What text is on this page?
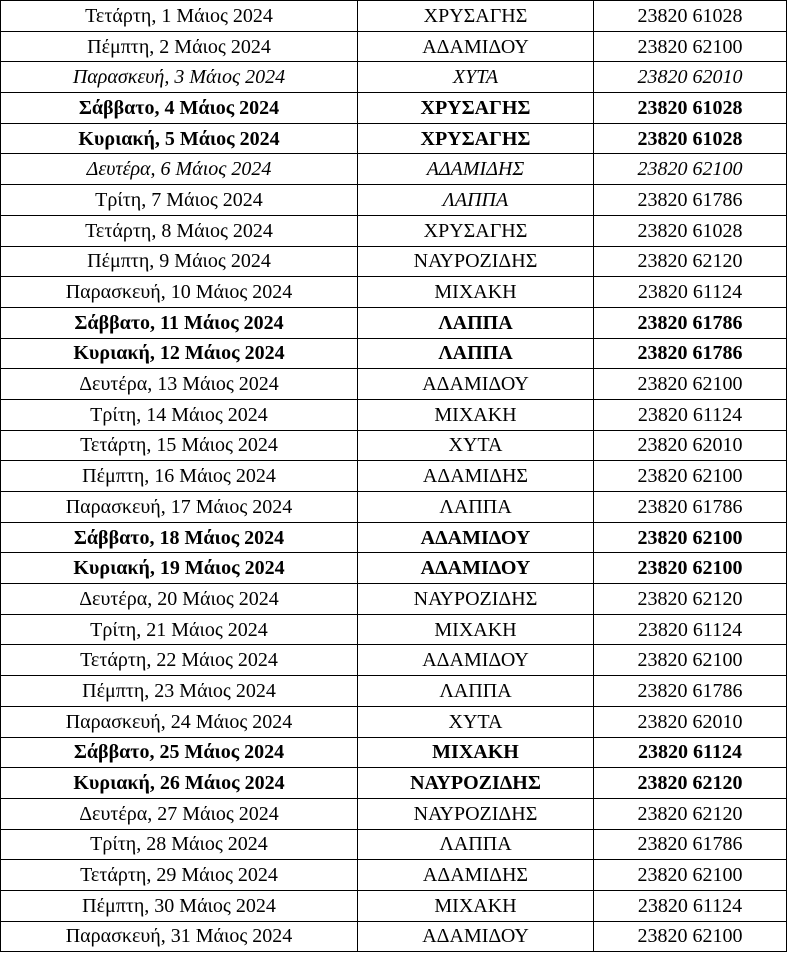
Τετάρτη, 1 Μάιος 2024	ΧΡΥΣΑΓΗΣ	23820 61028
Πέμπτη, 2 Μάιος 2024	ΑΔΑΜΙΔΟΥ	23820 62100
Παρασκευή, 3 Μάιος 2024	ΧΥΤΑ	23820 62010
Σάββατο, 4 Μάιος 2024	ΧΡΥΣΑΓΗΣ	23820 61028
Κυριακή, 5 Μάιος 2024	ΧΡΥΣΑΓΗΣ	23820 61028
Δευτέρα, 6 Μάιος 2024	ΑΔΑΜΙΔΗΣ	23820 62100
Τρίτη, 7 Μάιος 2024	ΛΑΠΠΑ	23820 61786
Τετάρτη, 8 Μάιος 2024	ΧΡΥΣΑΓΗΣ	23820 61028
Πέμπτη, 9 Μάιος 2024	ΝΑΥΡΟΖΙΔΗΣ	23820 62120
Παρασκευή, 10 Μάιος 2024	ΜΙΧΑΚΗ	23820 61124
Σάββατο, 11 Μάιος 2024	ΛΑΠΠΑ	23820 61786
Κυριακή, 12 Μάιος 2024	ΛΑΠΠΑ	23820 61786
Δευτέρα, 13 Μάιος 2024	ΑΔΑΜΙΔΟΥ	23820 62100
Τρίτη, 14 Μάιος 2024	ΜΙΧΑΚΗ	23820 61124
Τετάρτη, 15 Μάιος 2024	ΧΥΤΑ	23820 62010
Πέμπτη, 16 Μάιος 2024	ΑΔΑΜΙΔΗΣ	23820 62100
Παρασκευή, 17 Μάιος 2024	ΛΑΠΠΑ	23820 61786
Σάββατο, 18 Μάιος 2024	ΑΔΑΜΙΔΟΥ	23820 62100
Κυριακή, 19 Μάιος 2024	ΑΔΑΜΙΔΟΥ	23820 62100
Δευτέρα, 20 Μάιος 2024	ΝΑΥΡΟΖΙΔΗΣ	23820 62120
Τρίτη, 21 Μάιος 2024	ΜΙΧΑΚΗ	23820 61124
Τετάρτη, 22 Μάιος 2024	ΑΔΑΜΙΔΟΥ	23820 62100
Πέμπτη, 23 Μάιος 2024	ΛΑΠΠΑ	23820 61786
Παρασκευή, 24 Μάιος 2024	ΧΥΤΑ	23820 62010
Σάββατο, 25 Μάιος 2024	ΜΙΧΑΚΗ	23820 61124
Κυριακή, 26 Μάιος 2024	ΝΑΥΡΟΖΙΔΗΣ	23820 62120
Δευτέρα, 27 Μάιος 2024	ΝΑΥΡΟΖΙΔΗΣ	23820 62120
Τρίτη, 28 Μάιος 2024	ΛΑΠΠΑ	23820 61786
Τετάρτη, 29 Μάιος 2024	ΑΔΑΜΙΔΗΣ	23820 62100
Πέμπτη, 30 Μάιος 2024	ΜΙΧΑΚΗ	23820 61124
Παρασκευή, 31 Μάιος 2024	ΑΔΑΜΙΔΟΥ	23820 62100
